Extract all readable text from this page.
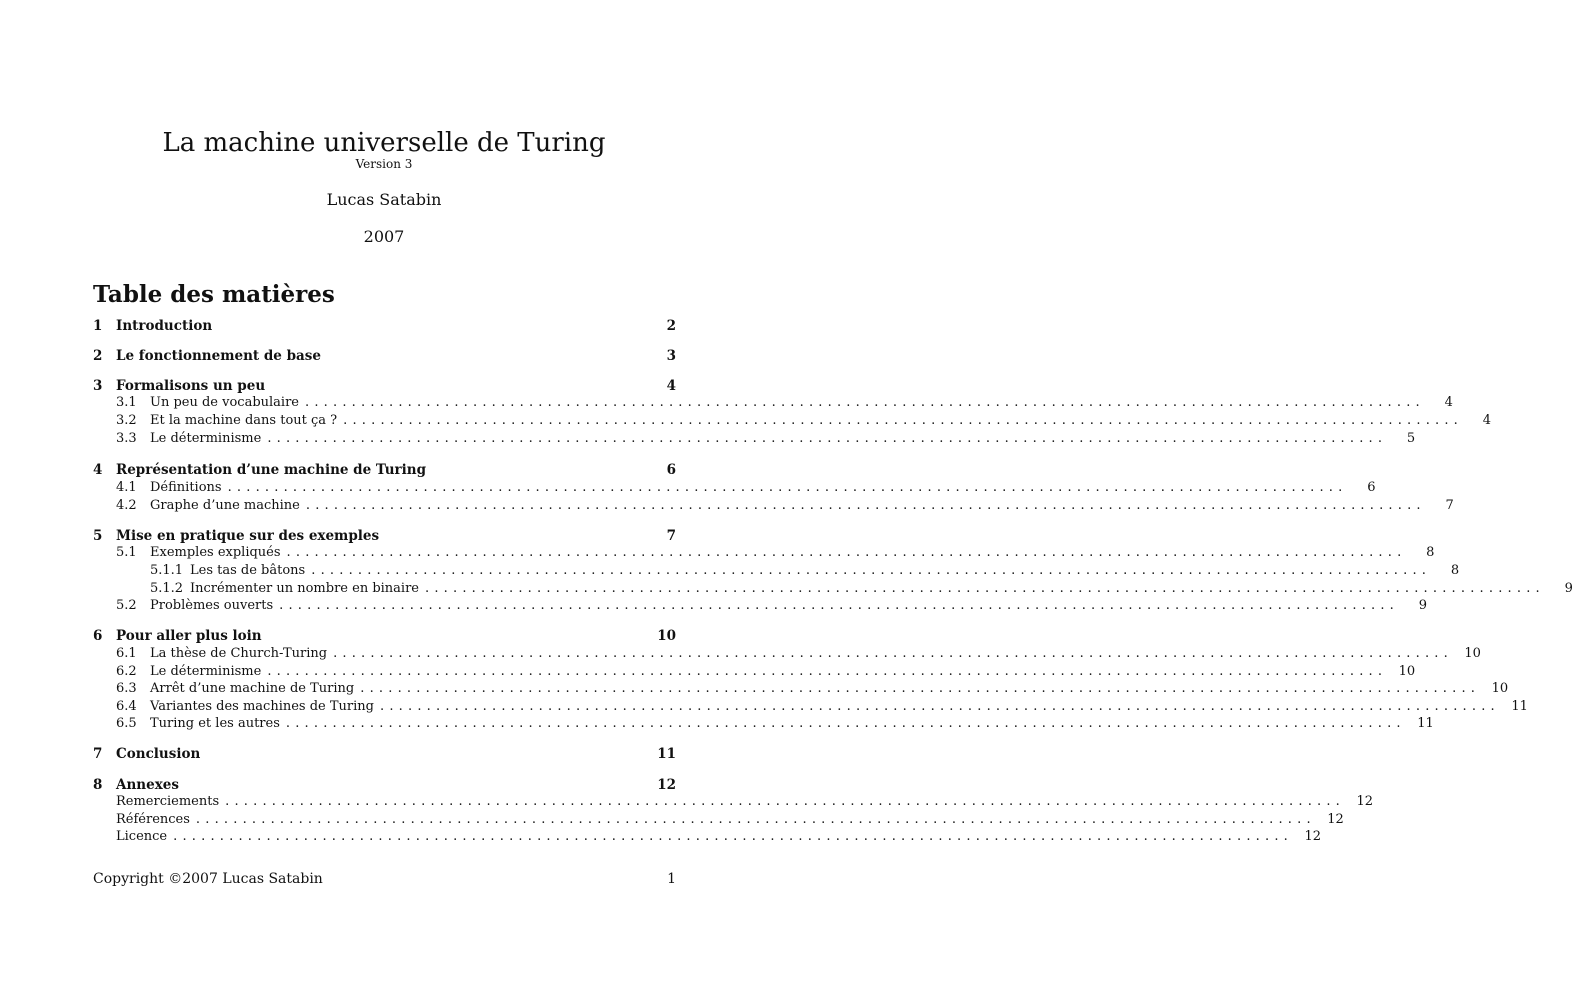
La machine universelle de Turing
Version 3
Lucas Satabin
2007
Table des matières
1	Introduction	2
2	Le fonctionnement de base	3
3	Formalisons un peu	4
3.1	Un peu de vocabulaire ........................................................................................................................	4
3.2	Et la machine dans tout ça ? ........................................................................................................................	4
3.3	Le déterminisme ........................................................................................................................	5
4	Représentation d’une machine de Turing	6
4.1	Définitions ........................................................................................................................	6
4.2	Graphe d’une machine ........................................................................................................................	7
5	Mise en pratique sur des exemples	7
5.1	Exemples expliqués ........................................................................................................................	8
5.1.1 Les tas de bâtons ........................................................................................................................	8
5.1.2 Incrémenter un nombre en binaire ........................................................................................................................	9
5.2	Problèmes ouverts ........................................................................................................................	9
6	Pour aller plus loin	10
6.1	La thèse de Church-Turing ........................................................................................................................ 10
6.2	Le déterminisme ........................................................................................................................ 10
6.3	Arrêt d’une machine de Turing ........................................................................................................................ 10
6.4	Variantes des machines de Turing ........................................................................................................................ 11
6.5	Turing et les autres ........................................................................................................................ 11
7	Conclusion	11
8	Annexes	12
Remerciements ........................................................................................................................ 12
Références ........................................................................................................................ 12
Licence ........................................................................................................................ 12
Copyright ©2007 Lucas Satabin	1
